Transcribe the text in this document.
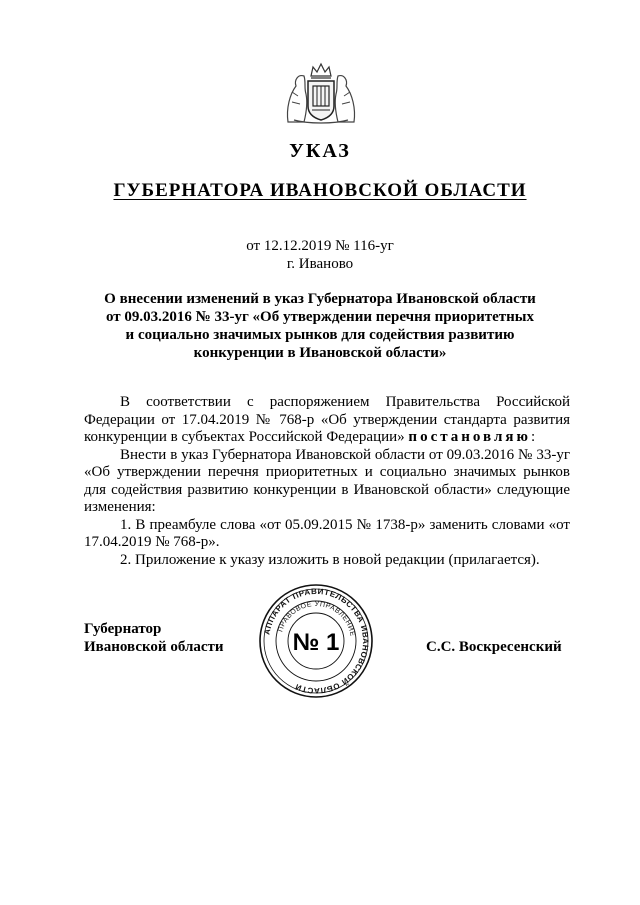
УКАЗ
ГУБЕРНАТОРА ИВАНОВСКОЙ ОБЛАСТИ
от 12.12.2019 № 116-уг
г. Иваново
О внесении изменений в указ Губернатора Ивановской области
от 09.03.2016 № 33-уг «Об утверждении перечня приоритетных
и социально значимых рынков для содействия развитию
конкуренции в Ивановской области»

В соответствии с распоряжением Правительства Российской Федерации от 17.04.2019 № 768-р «Об утверждении стандарта развития конкуренции в субъектах Российской Федерации» постановляю:

Внести в указ Губернатора Ивановской области от 09.03.2016 № 33-уг «Об утверждении перечня приоритетных и социально значимых рынков для содействия развитию конкуренции в Ивановской области» следующие изменения:

1. В преамбуле слова «от 05.09.2015 № 1738-р» заменить словами «от 17.04.2019 № 768-р».

2. Приложение к указу изложить в новой редакции (прилагается).

Губернатор
Ивановской области	С.С. Воскресенский
АППАРАТ ПРАВИТЕЛЬСТВА ИВАНОВСКОЙ ОБЛАСТИ
ПРАВОВОЕ УПРАВЛЕНИЕ
№ 1
